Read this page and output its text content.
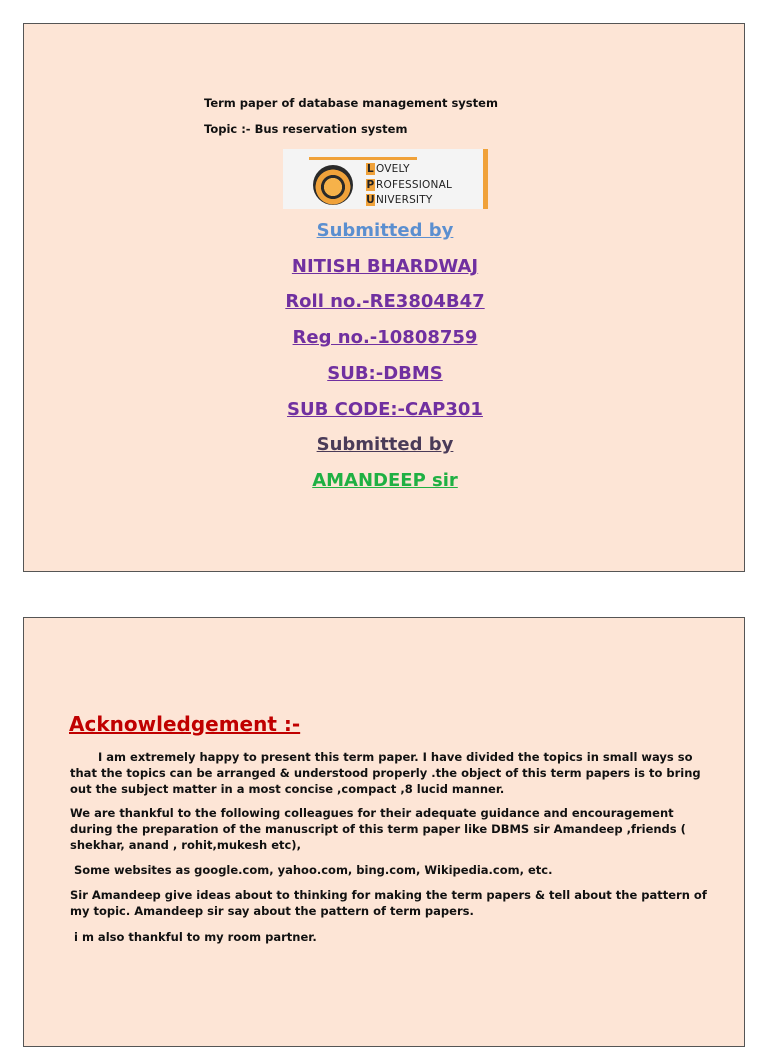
Term paper of database management system
Topic :- Bus reservation system
L OVELY
P ROFESSIONAL
UNIVERSITY
Submitted by
NITISH BHARDWAJ
Roll no.-RE3804B47
Reg no.-10808759
SUB:-DBMS
SUB CODE:-CAP301
Submitted by
AMANDEEP sir
Acknowledgement :-
I am extremely happy to present this term paper. I have divided the topics in small ways so that the topics can be arranged & understood properly .the object of this term papers is to bring out the subject matter in a most concise ,compact ,8 lucid manner.
We are thankful to the following colleagues for their adequate guidance and encouragement during the preparation of the manuscript of this term paper like DBMS sir Amandeep ,friends ( shekhar, anand , rohit,mukesh etc),
Some websites as google.com, yahoo.com, bing.com, Wikipedia.com, etc.
Sir Amandeep give ideas about to thinking for making the term papers & tell about the pattern of my topic. Amandeep sir say about the pattern of term papers.
i m also thankful to my room partner.
